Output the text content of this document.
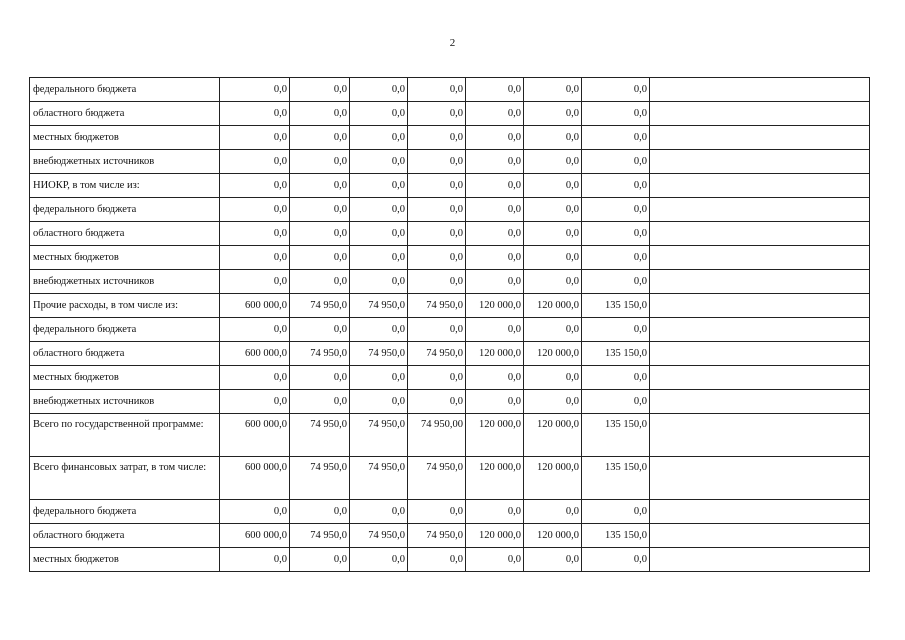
2
федерального бюджета	0,0	0,0	0,0	0,0	0,0	0,0	0,0	
областного бюджета	0,0	0,0	0,0	0,0	0,0	0,0	0,0	
местных бюджетов	0,0	0,0	0,0	0,0	0,0	0,0	0,0	
внебюджетных источников	0,0	0,0	0,0	0,0	0,0	0,0	0,0	
НИОКР, в том числе из:	0,0	0,0	0,0	0,0	0,0	0,0	0,0	
федерального бюджета	0,0	0,0	0,0	0,0	0,0	0,0	0,0	
областного бюджета	0,0	0,0	0,0	0,0	0,0	0,0	0,0	
местных бюджетов	0,0	0,0	0,0	0,0	0,0	0,0	0,0	
внебюджетных источников	0,0	0,0	0,0	0,0	0,0	0,0	0,0	
Прочие расходы, в том числе из:	600 000,0	74 950,0	74 950,0	74 950,0	120 000,0	120 000,0	135 150,0	
федерального бюджета	0,0	0,0	0,0	0,0	0,0	0,0	0,0	
областного бюджета	600 000,0	74 950,0	74 950,0	74 950,0	120 000,0	120 000,0	135 150,0	
местных бюджетов	0,0	0,0	0,0	0,0	0,0	0,0	0,0	
внебюджетных источников	0,0	0,0	0,0	0,0	0,0	0,0	0,0	
Всего по государственной программе:	600 000,0	74 950,0	74 950,0	74 950,00	120 000,0	120 000,0	135 150,0	
Всего финансовых затрат, в том числе:	600 000,0	74 950,0	74 950,0	74 950,0	120 000,0	120 000,0	135 150,0	
федерального бюджета	0,0	0,0	0,0	0,0	0,0	0,0	0,0	
областного бюджета	600 000,0	74 950,0	74 950,0	74 950,0	120 000,0	120 000,0	135 150,0	
местных бюджетов	0,0	0,0	0,0	0,0	0,0	0,0	0,0	
